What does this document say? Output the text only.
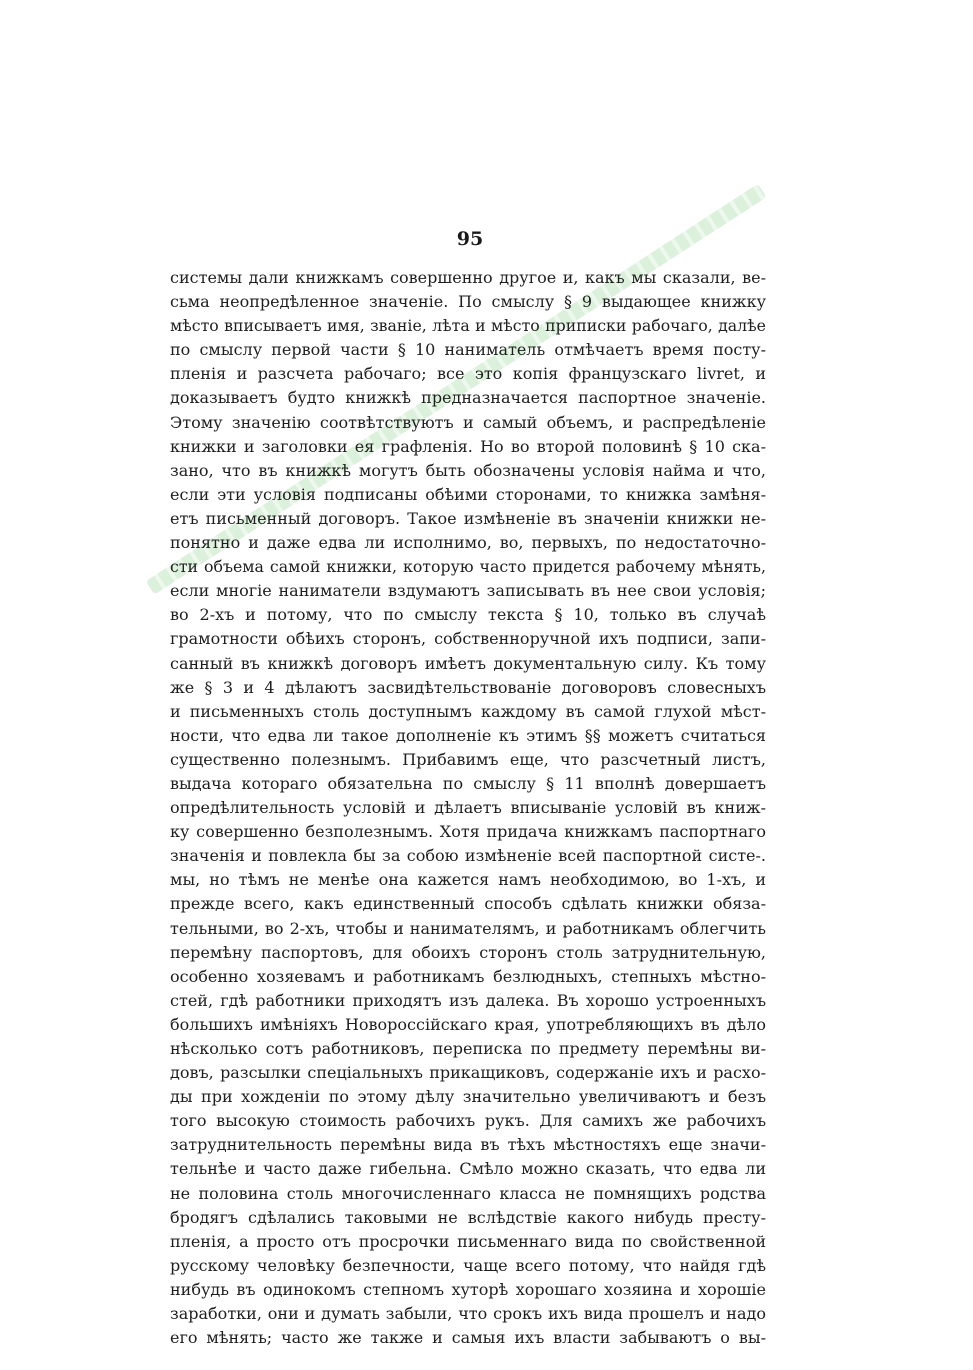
95
системы дали книжкамъ совершенно другое и, какъ мы сказали, ве-
сьма неопредѣленное значеніе. По смыслу § 9 выдающее книжку
мѣсто вписываетъ имя, званіе, лѣта и мѣсто приписки рабочаго, далѣе
по смыслу первой части § 10 наниматель отмѣчаетъ время посту-
пленія и разсчета рабочаго; все это копія французскаго livret, и
доказываетъ будто книжкѣ предназначается паспортное значеніе.
Этому значенію соотвѣтствуютъ и самый объемъ, и распредѣленіе
книжки и заголовки ея графленія. Но во второй половинѣ § 10 ска-
зано, что въ книжкѣ могутъ быть обозначены условія найма и что,
если эти условія подписаны обѣими сторонами, то книжка замѣня-
етъ письменный договоръ. Такое измѣненіе въ значеніи книжки не-
понятно и даже едва ли исполнимо, во, первыхъ, по недостаточно-
сти объема самой книжки, которую часто придется рабочему мѣнять,
если многіе наниматели вздумаютъ записывать въ нее свои условія;
во 2-хъ и потому, что по смыслу текста § 10, только въ случаѣ
грамотности обѣихъ сторонъ, собственноручной ихъ подписи, запи-
санный въ книжкѣ договоръ имѣетъ документальную силу. Къ тому
же § 3 и 4 дѣлаютъ засвидѣтельствованіе договоровъ словесныхъ
и письменныхъ столь доступнымъ каждому въ самой глухой мѣст-
ности, что едва ли такое дополненіе къ этимъ §§ можетъ считаться
существенно полезнымъ. Прибавимъ еще, что разсчетный листъ,
выдача котораго обязательна по смыслу § 11 вполнѣ довершаетъ
опредѣлительность условій и дѣлаетъ вписываніе условій въ книж-
ку совершенно безполезнымъ. Хотя придача книжкамъ паспортнаго
значенія и повлекла бы за собою измѣненіе всей паспортной систе-.
мы, но тѣмъ не менѣе она кажется намъ необходимою, во 1-хъ, и
прежде всего, какъ единственный способъ сдѣлать книжки обяза-
тельными, во 2-хъ, чтобы и нанимателямъ, и работникамъ облегчить
перемѣну паспортовъ, для обоихъ сторонъ столь затруднительную,
особенно хозяевамъ и работникамъ безлюдныхъ, степныхъ мѣстно-
стей, гдѣ работники приходятъ изъ далека. Въ хорошо устроенныхъ
большихъ имѣніяхъ Новороссійскаго края, употребляющихъ въ дѣло
нѣсколько сотъ работниковъ, переписка по предмету перемѣны ви-
довъ, разсылки спеціальныхъ прикащиковъ, содержаніе ихъ и расхо-
ды при хожденіи по этому дѣлу значительно увеличиваютъ и безъ
того высокую стоимость рабочихъ рукъ. Для самихъ же рабочихъ
затруднительность перемѣны вида въ тѣхъ мѣстностяхъ еще значи-
тельнѣе и часто даже гибельна. Смѣло можно сказать, что едва ли
не половина столь многочисленнаго класса не помнящихъ родства
бродягъ сдѣлались таковыми не вслѣдствіе какого нибудь престу-
пленія, а просто отъ просрочки письменнаго вида по свойственной
русскому человѣку безпечности, чаще всего потому, что найдя гдѣ
нибудь въ одинокомъ степномъ хуторѣ хорошаго хозяина и хорошіе
заработки, они и думать забыли, что срокъ ихъ вида прошелъ и надо
его мѣнять; часто же также и самыя ихъ власти забываютъ о вы-
